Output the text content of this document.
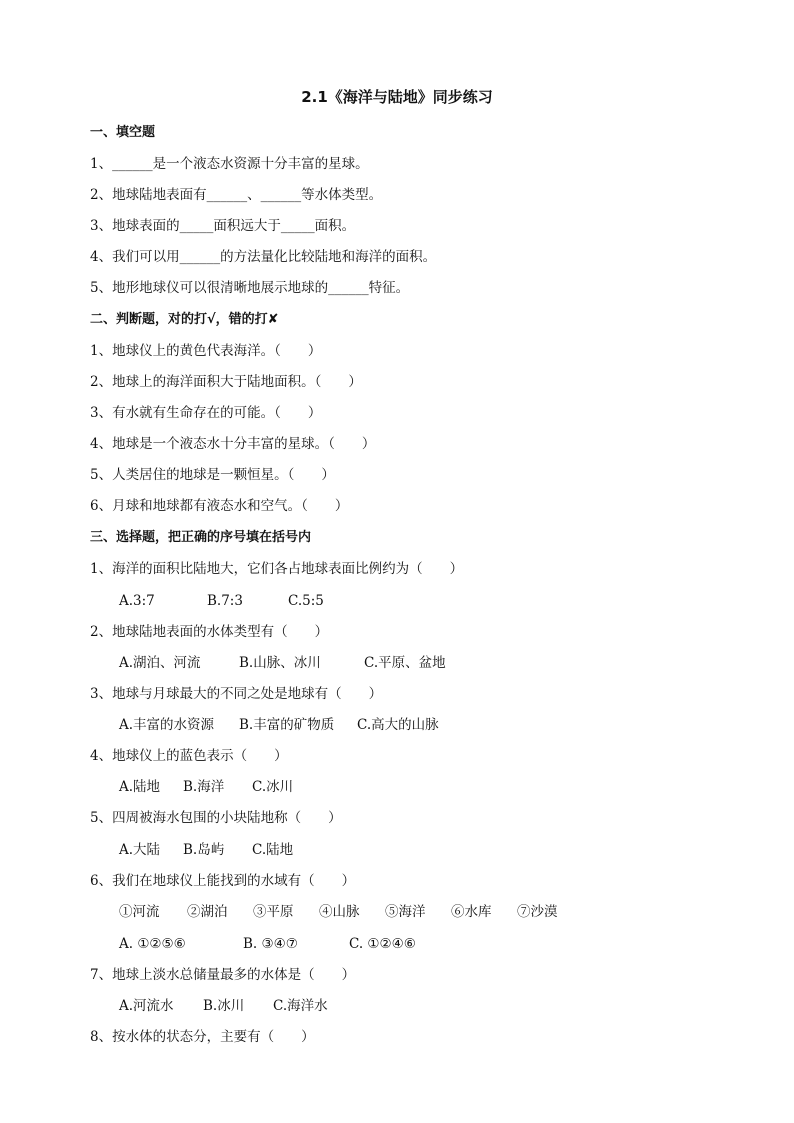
2.1《海洋与陆地》同步练习
一、填空题
1、______是一个液态水资源十分丰富的星球。
2、地球陆地表面有______、______等水体类型。
3、地球表面的_____面积远大于_____面积。
4、我们可以用______的方法量化比较陆地和海洋的面积。
5、地形地球仪可以很清晰地展示地球的______特征。
二、判断题，对的打√，错的打✘
1、地球仪上的黄色代表海洋。（　　）
2、地球上的海洋面积大于陆地面积。（　　）
3、有水就有生命存在的可能。（　　）
4、地球是一个液态水十分丰富的星球。（　　）
5、人类居住的地球是一颗恒星。（　　）
6、月球和地球都有液态水和空气。（　　）
三、选择题，把正确的序号填在括号内
1、海洋的面积比陆地大，它们各占地球表面比例约为（　　）
A.3:7	B.7:3	C.5:5
2、地球陆地表面的水体类型有（　　）
A.湖泊、河流	B.山脉、冰川	C.平原、盆地
3、地球与月球最大的不同之处是地球有（　　）
A.丰富的水资源 B.丰富的矿物质 C.高大的山脉
4、地球仪上的蓝色表示（　　）
A.陆地 B.海洋 C.冰川
5、四周被海水包围的小块陆地称（　　）
A.大陆 B.岛屿 C.陆地
6、我们在地球仪上能找到的水域有（　　）
①河流 ②湖泊 ③平原 ④山脉 ⑤海洋 ⑥水库 ⑦沙漠
A. ①②⑤⑥	B. ③④⑦	C. ①②④⑥
7、地球上淡水总储量最多的水体是（　　）
A.河流水 B.冰川 C.海洋水
8、按水体的状态分，主要有（　　）
